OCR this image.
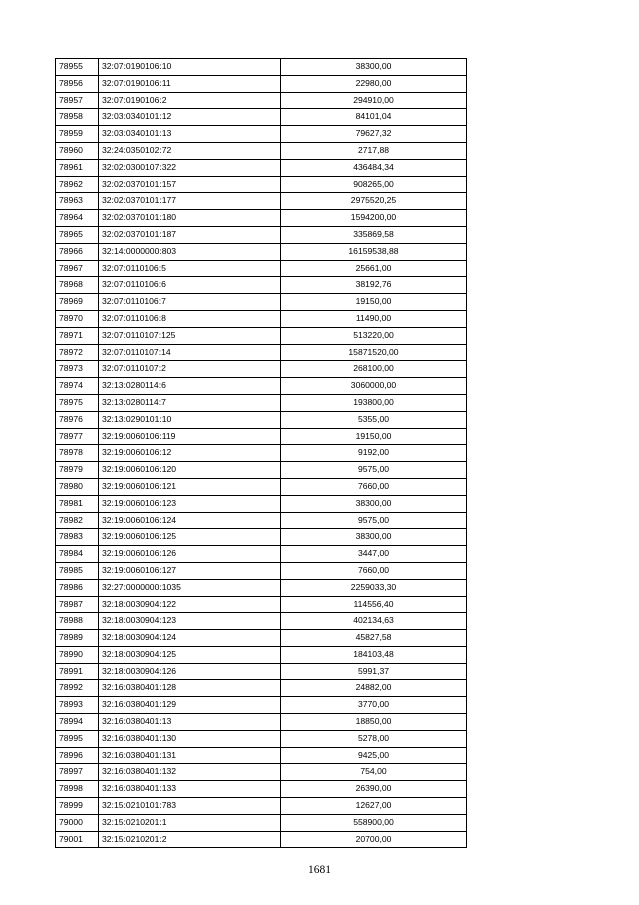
78955	32:07:0190106:10	38300,00
78956	32:07:0190106:11	22980,00
78957	32:07:0190106:2	294910,00
78958	32:03:0340101:12	84101,04
78959	32:03:0340101:13	79627,32
78960	32:24:0350102:72	2717,88
78961	32:02:0300107:322	436484,34
78962	32:02:0370101:157	908265,00
78963	32:02:0370101:177	2975520,25
78964	32:02:0370101:180	1594200,00
78965	32:02:0370101:187	335869,58
78966	32:14:0000000:803	16159538,88
78967	32:07:0110106:5	25661,00
78968	32:07:0110106:6	38192,76
78969	32:07:0110106:7	19150,00
78970	32:07:0110106:8	11490,00
78971	32:07:0110107:125	513220,00
78972	32:07:0110107:14	15871520,00
78973	32:07:0110107:2	268100,00
78974	32:13:0280114:6	3060000,00
78975	32:13:0280114:7	193800,00
78976	32:13:0290101:10	5355,00
78977	32:19:0060106:119	19150,00
78978	32:19:0060106:12	9192,00
78979	32:19:0060106:120	9575,00
78980	32:19:0060106:121	7660,00
78981	32:19:0060106:123	38300,00
78982	32:19:0060106:124	9575,00
78983	32:19:0060106:125	38300,00
78984	32:19:0060106:126	3447,00
78985	32:19:0060106:127	7660,00
78986	32:27:0000000:1035	2259033,30
78987	32:18:0030904:122	114556,40
78988	32:18:0030904:123	402134,63
78989	32:18:0030904:124	45827,58
78990	32:18:0030904:125	184103,48
78991	32:18:0030904:126	5991,37
78992	32:16:0380401:128	24882,00
78993	32:16:0380401:129	3770,00
78994	32:16:0380401:13	18850,00
78995	32:16:0380401:130	5278,00
78996	32:16:0380401:131	9425,00
78997	32:16:0380401:132	754,00
78998	32:16:0380401:133	26390,00
78999	32:15:0210101:783	12627,00
79000	32:15:0210201:1	558900,00
79001	32:15:0210201:2	20700,00
1681
